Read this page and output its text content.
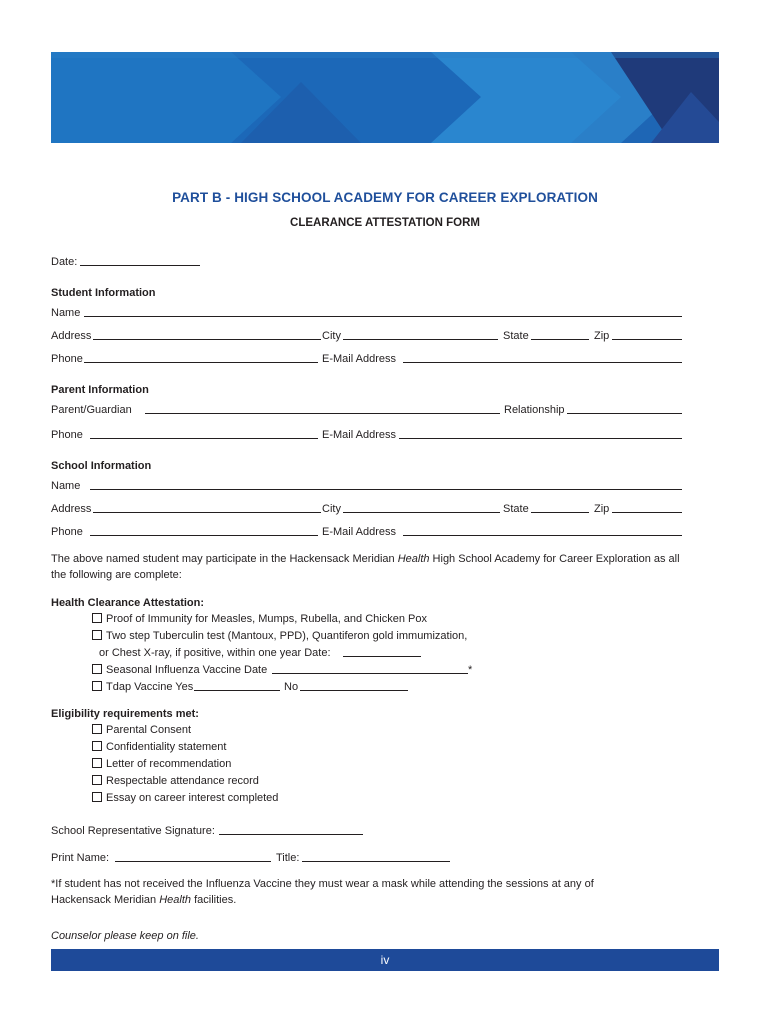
PART B - HIGH SCHOOL ACADEMY FOR CAREER EXPLORATION
CLEARANCE ATTESTATION FORM
Date:
Student Information
Name
Address	City	State	Zip
Phone	E-Mail Address
Parent Information
Parent/Guardian	Relationship
Phone	E-Mail Address
School Information
Name
Address	City	State	Zip
Phone	E-Mail Address
The above named student may participate in the Hackensack Meridian Health High School Academy for Career Exploration as all the following are complete:
Health Clearance Attestation:
Proof of Immunity for Measles, Mumps, Rubella, and Chicken Pox
Two step Tuberculin test (Mantoux, PPD), Quantiferon gold immumization,
or Chest X-ray, if positive, within one year Date:
Seasonal Influenza Vaccine Date	*
Tdap Vaccine Yes	No
Eligibility requirements met:
Parental Consent
Confidentiality statement
Letter of recommendation
Respectable attendance record
Essay on career interest completed
School Representative Signature:
Print Name:	Title:
*If student has not received the Influenza Vaccine they must wear a mask while attending the sessions at any of Hackensack Meridian Health facilities.
Counselor please keep on file.
iv
